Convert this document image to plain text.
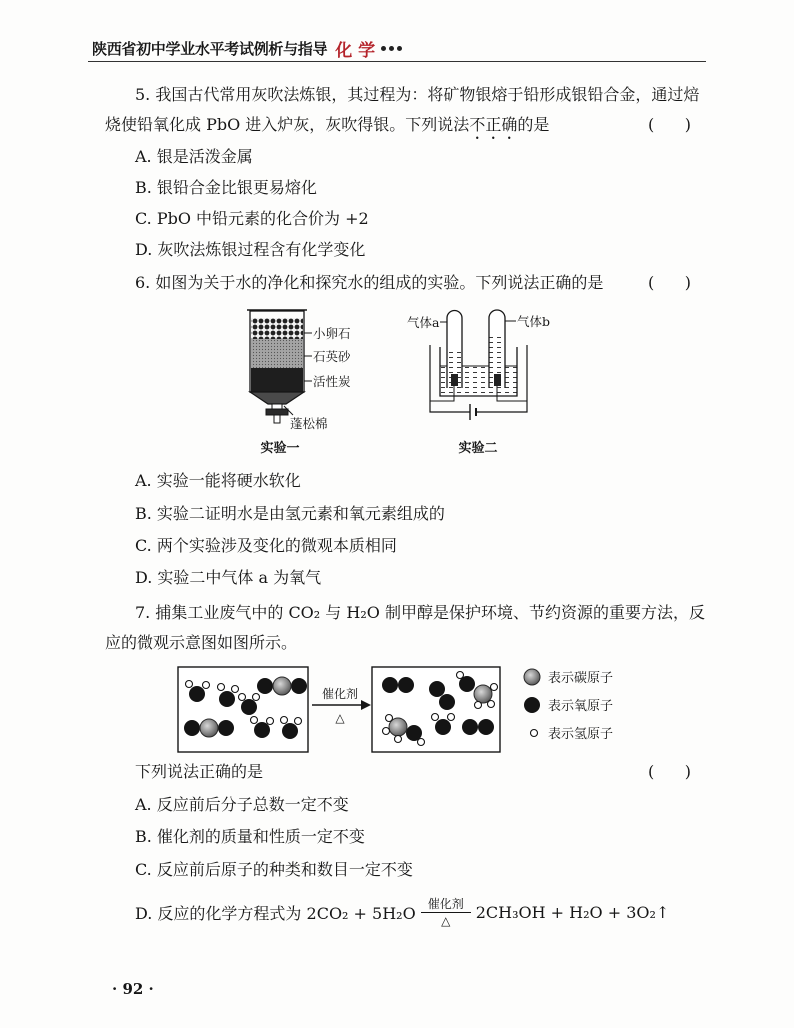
陕西省初中学业水平考试例析与指导 化 学
5. 我国古代常用灰吹法炼银，其过程为：将矿物银熔于铅形成银铅合金，通过焙
烧使铅氧化成 PbO 进入炉灰，灰吹得银。下列说法不正确的是	(      )
A. 银是活泼金属
B. 银铅合金比银更易熔化
C. PbO 中铅元素的化合价为 +2
D. 灰吹法炼银过程含有化学变化
6. 如图为关于水的净化和探究水的组成的实验。下列说法正确的是	(      )
小卵石
石英砂
活性炭
蓬松棉
实验一
气体a	气体b
实验二
A. 实验一能将硬水软化
B. 实验二证明水是由氢元素和氧元素组成的
C. 两个实验涉及变化的微观本质相同
D. 实验二中气体 a 为氧气
7. 捕集工业废气中的 CO₂ 与 H₂O 制甲醇是保护环境、节约资源的重要方法，反
应的微观示意图如图所示。
催化剂
△
表示碳原子
表示氧原子
表示氢原子
下列说法正确的是	(      )
A. 反应前后分子总数一定不变
B. 催化剂的质量和性质一定不变
C. 反应前后原子的种类和数目一定不变
D. 反应的化学方程式为 2CO₂ + 5H₂O	催化剂
△ 2CH₃OH + H₂O + 3O₂↑
· 92 ·
